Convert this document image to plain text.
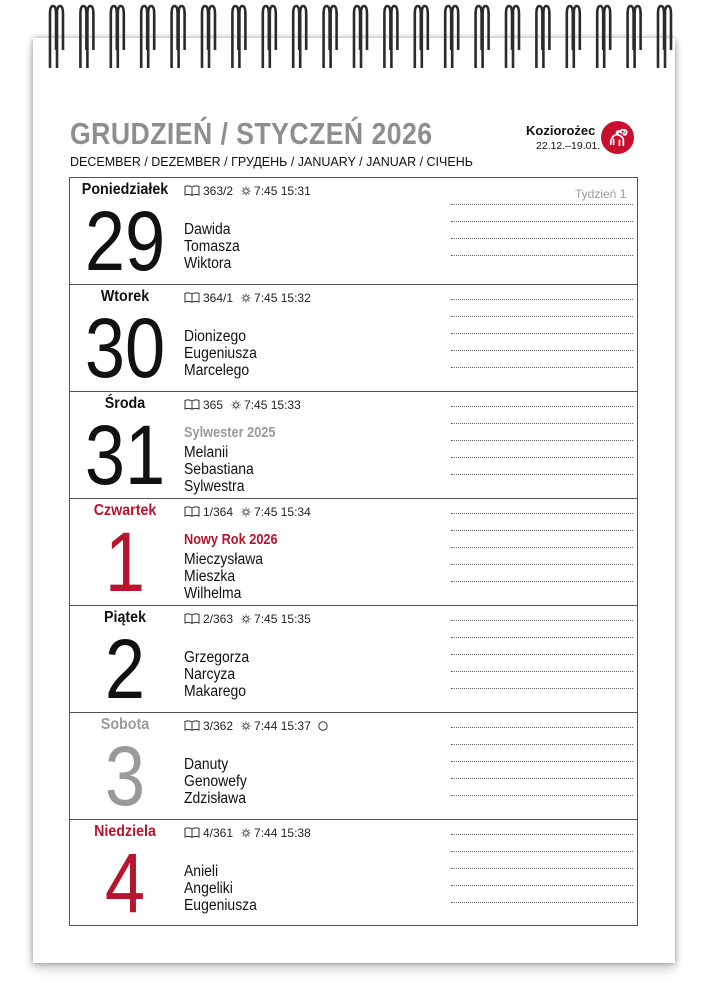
GRUDZIEŃ / STYCZEŃ 2026
DECEMBER / DEZEMBER / ГРУДЕНЬ / JANUARY / JANUAR / СІЧЕНЬ
Koziorożec
22.12.–19.01.
Tydzień 1
Poniedziałek
29
363/2 7:45 15:31
Dawida
Tomasza
Wiktora
Wtorek
30
364/1 7:45 15:32
Dionizego
Eugeniusza
Marcelego
Środa
31
365 7:45 15:33
Sylwester 2025
Melanii
Sebastiana
Sylwestra
Czwartek
1
1/364 7:45 15:34
Nowy Rok 2026
Mieczysława
Mieszka
Wilhelma
Piątek
2
2/363 7:45 15:35
Grzegorza
Narcyza
Makarego
Sobota
3
3/362 7:44 15:37
Danuty
Genowefy
Zdzisława
Niedziela
4
4/361 7:44 15:38
Anieli
Angeliki
Eugeniusza
